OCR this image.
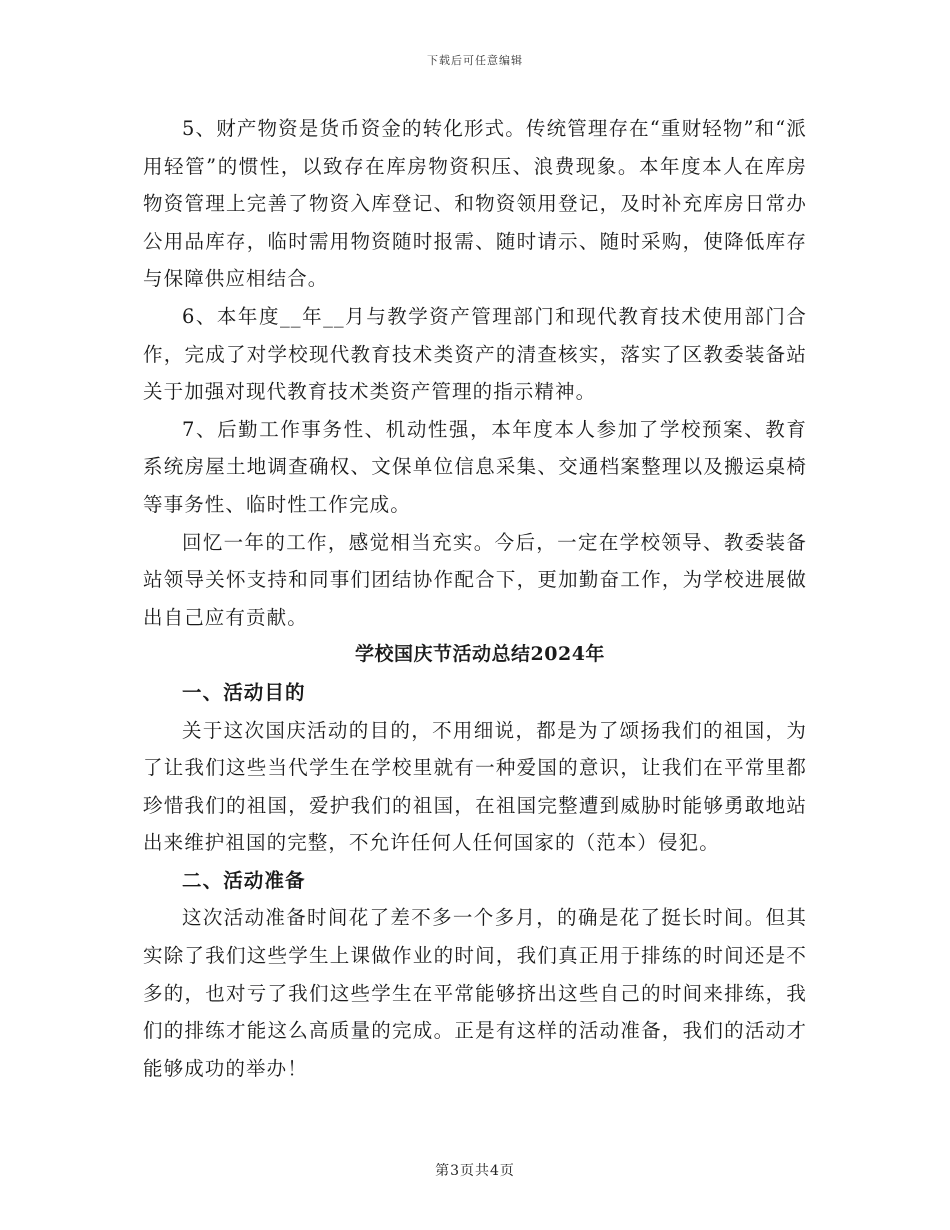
下载后可任意编辑

5、财产物资是货币资金的转化形式。传统管理存在“重财轻物”和“派用轻管”的惯性，以致存在库房物资积压、浪费现象。本年度本人在库房物资管理上完善了物资入库登记、和物资领用登记，及时补充库房日常办公用品库存，临时需用物资随时报需、随时请示、随时采购，使降低库存与保障供应相结合。

6、本年度__年__月与教学资产管理部门和现代教育技术使用部门合作，完成了对学校现代教育技术类资产的清查核实，落实了区教委装备站关于加强对现代教育技术类资产管理的指示精神。

7、后勤工作事务性、机动性强，本年度本人参加了学校预案、教育系统房屋土地调查确权、文保单位信息采集、交通档案整理以及搬运桌椅等事务性、临时性工作完成。

回忆一年的工作，感觉相当充实。今后，一定在学校领导、教委装备站领导关怀支持和同事们团结协作配合下，更加勤奋工作，为学校进展做出自己应有贡献。

学校国庆节活动总结2024年

一、活动目的

关于这次国庆活动的目的，不用细说，都是为了颂扬我们的祖国，为了让我们这些当代学生在学校里就有一种爱国的意识，让我们在平常里都珍惜我们的祖国，爱护我们的祖国，在祖国完整遭到威胁时能够勇敢地站出来维护祖国的完整，不允许任何人任何国家的（范本）侵犯。

二、活动准备

这次活动准备时间花了差不多一个多月，的确是花了挺长时间。但其实除了我们这些学生上课做作业的时间，我们真正用于排练的时间还是不多的，也对亏了我们这些学生在平常能够挤出这些自己的时间来排练，我们的排练才能这么高质量的完成。正是有这样的活动准备，我们的活动才能够成功的举办！

第3页共4页
